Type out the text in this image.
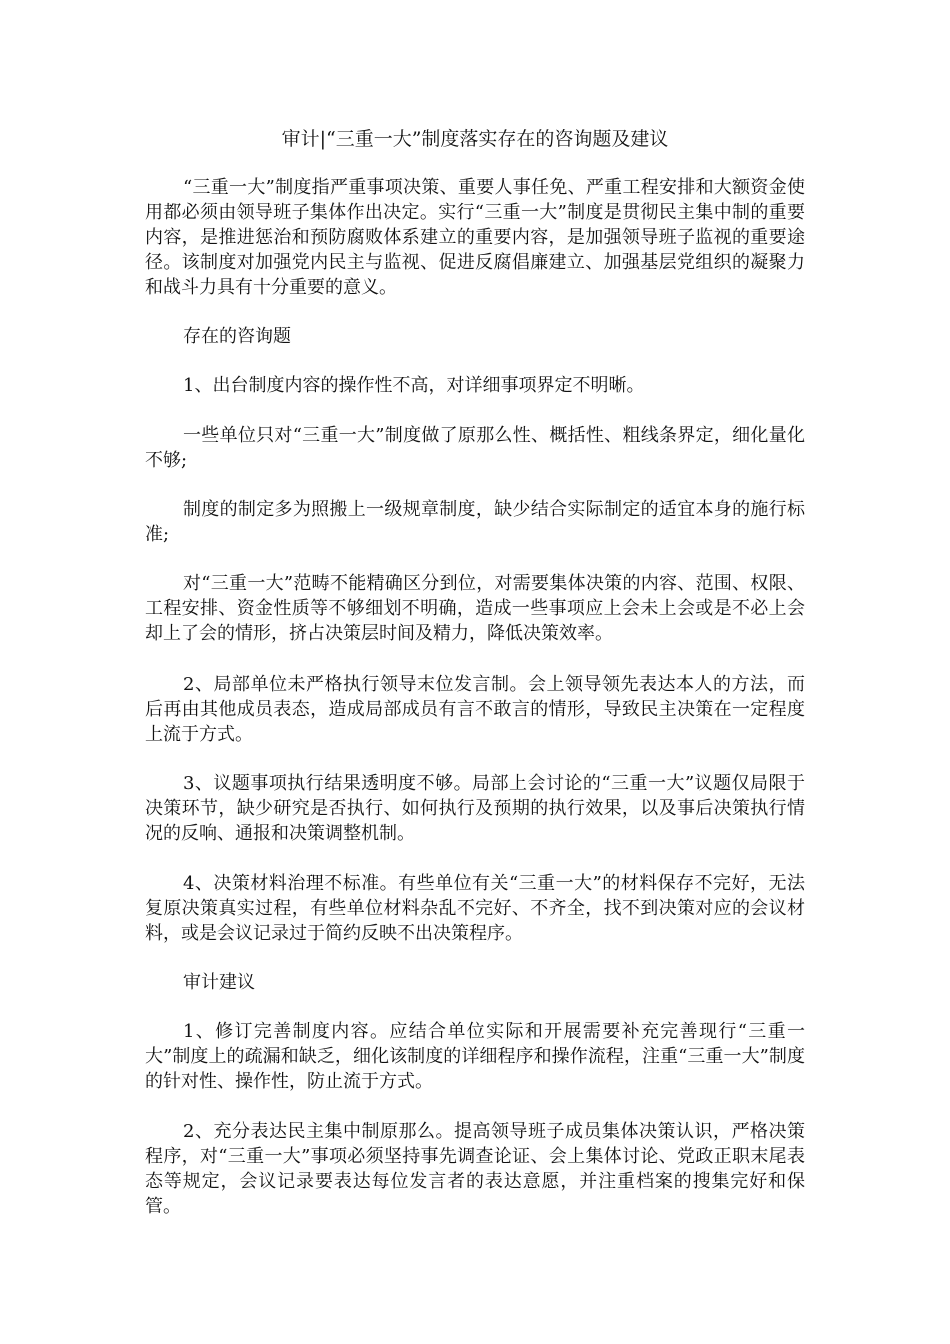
审计|“三重一大”制度落实存在的咨询题及建议

“三重一大”制度指严重事项决策、重要人事任免、严重工程安排和大额资金使用都必须由领导班子集体作出决定。实行“三重一大”制度是贯彻民主集中制的重要内容，是推进惩治和预防腐败体系建立的重要内容，是加强领导班子监视的重要途径。该制度对加强党内民主与监视、促进反腐倡廉建立、加强基层党组织的凝聚力和战斗力具有十分重要的意义。

存在的咨询题

1、出台制度内容的操作性不高，对详细事项界定不明晰。

一些单位只对“三重一大”制度做了原那么性、概括性、粗线条界定，细化量化不够;

制度的制定多为照搬上一级规章制度，缺少结合实际制定的适宜本身的施行标准;

对“三重一大”范畴不能精确区分到位，对需要集体决策的内容、范围、权限、工程安排、资金性质等不够细划不明确，造成一些事项应上会未上会或是不必上会却上了会的情形，挤占决策层时间及精力，降低决策效率。

2、局部单位未严格执行领导末位发言制。会上领导领先表达本人的方法，而后再由其他成员表态，造成局部成员有言不敢言的情形，导致民主决策在一定程度上流于方式。

3、议题事项执行结果透明度不够。局部上会讨论的“三重一大”议题仅局限于决策环节，缺少研究是否执行、如何执行及预期的执行效果，以及事后决策执行情况的反响、通报和决策调整机制。

4、决策材料治理不标准。有些单位有关“三重一大”的材料保存不完好，无法复原决策真实过程，有些单位材料杂乱不完好、不齐全，找不到决策对应的会议材料，或是会议记录过于简约反映不出决策程序。

审计建议

1、修订完善制度内容。应结合单位实际和开展需要补充完善现行“三重一大”制度上的疏漏和缺乏，细化该制度的详细程序和操作流程，注重“三重一大”制度的针对性、操作性，防止流于方式。

2、充分表达民主集中制原那么。提高领导班子成员集体决策认识，严格决策程序，对“三重一大”事项必须坚持事先调查论证、会上集体讨论、党政正职末尾表态等规定，会议记录要表达每位发言者的表达意愿，并注重档案的搜集完好和保管。
